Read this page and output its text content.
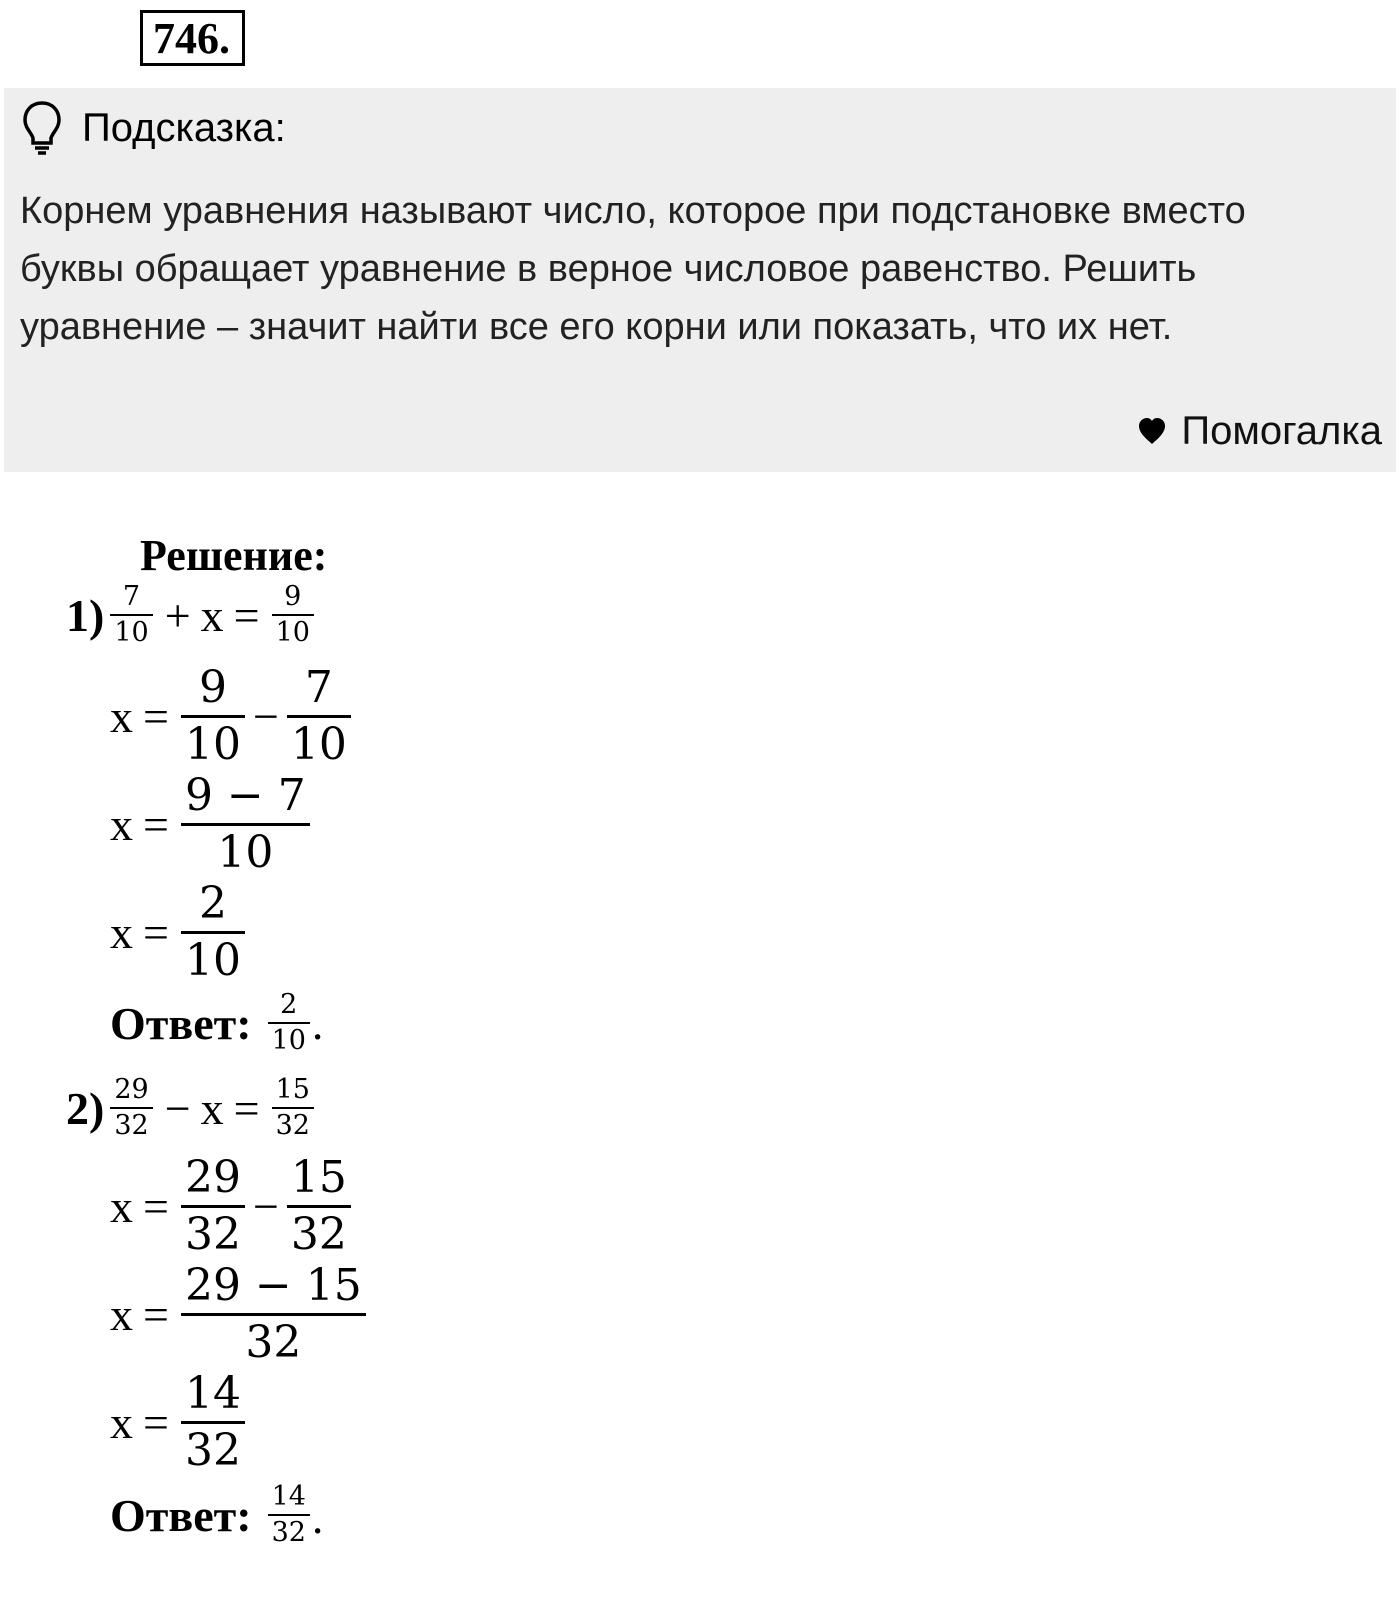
746.
Подсказка:
Корнем уравнения называют число, которое при подстановке вместо буквы обращает уравнение в верное числовое равенство. Решить уравнение – значит найти все его корни или показать, что их нет.
Помогалка
Решение:
$1) \frac{7}{10} + x = \frac{9}{10}$
$x = \frac{9}{10} - \frac{7}{10}$
$x = \frac{9 - 7}{10}$
$x = \frac{2}{10}$
Ответ: $\frac{2}{10}$ .
$2) \frac{29}{32} - x = \frac{15}{32}$
$x = \frac{29}{32} - \frac{15}{32}$
$x = \frac{29 - 15}{32}$
$x = \frac{14}{32}$
Ответ: $\frac{14}{32}$ .
